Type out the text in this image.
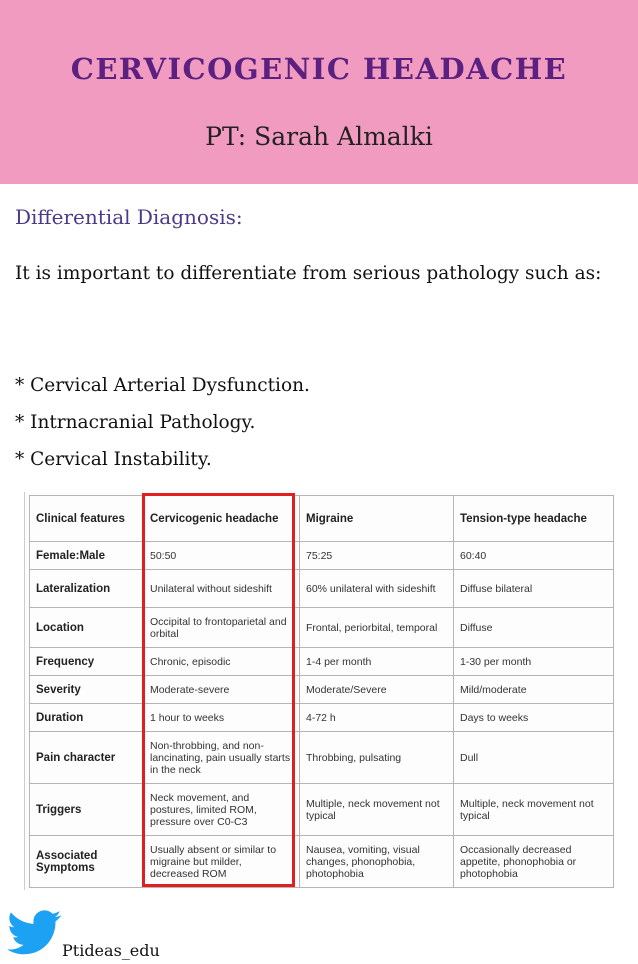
CERVICOGENIC HEADACHE
PT: Sarah Almalki
Differential Diagnosis:
It is important to differentiate from serious pathology such as:
* Cervical Arterial Dysfunction.
* Intrnacranial Pathology.
* Cervical Instability.
Clinical features	Cervicogenic headache	Migraine	Tension-type headache
Female:Male	50:50	75:25	60:40
Lateralization	Unilateral without sideshift	60% unilateral with sideshift	Diffuse bilateral
Location	Occipital to frontoparietal and orbital	Frontal, periorbital, temporal	Diffuse
Frequency	Chronic, episodic	1-4 per month	1-30 per month
Severity	Moderate-severe	Moderate/Severe	Mild/moderate
Duration	1 hour to weeks	4-72 h	Days to weeks
Pain character	Non-throbbing, and non-lancinating, pain usually starts in the neck	Throbbing, pulsating	Dull
Triggers	Neck movement, and postures, limited ROM, pressure over C0-C3	Multiple, neck movement not typical	Multiple, neck movement not typical
Associated Symptoms	Usually absent or similar to migraine but milder, decreased ROM	Nausea, vomiting, visual changes, phonophobia, photophobia	Occasionally decreased appetite, phonophobia or photophobia
Ptideas_edu
